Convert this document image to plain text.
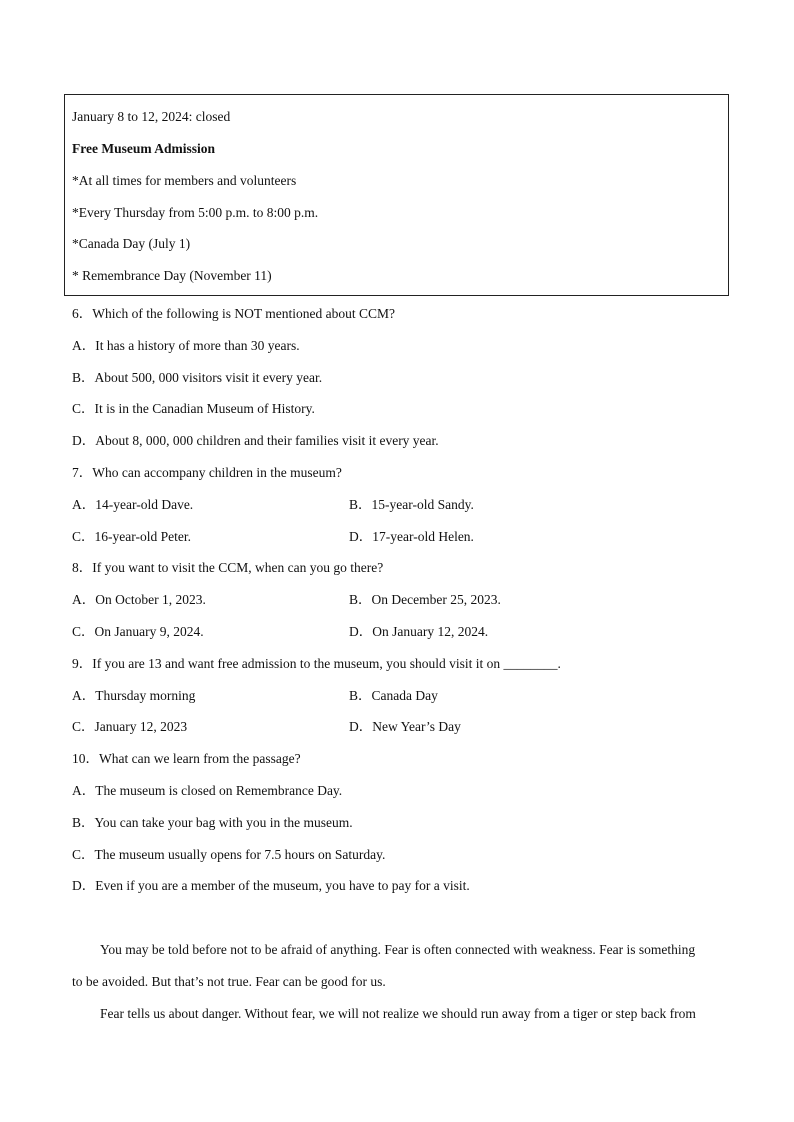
January 8 to 12, 2024: closed
Free Museum Admission
*At all times for members and volunteers
*Every Thursday from 5:00 p.m. to 8:00 p.m.
*Canada Day (July 1)
* Remembrance Day (November 11)
6．Which of the following is NOT mentioned about CCM?
A．It has a history of more than 30 years.
B．About 500, 000 visitors visit it every year.
C．It is in the Canadian Museum of History.
D．About 8, 000, 000 children and their families visit it every year.
7．Who can accompany children in the museum?
A．14-year-old Dave.	B．15-year-old Sandy.
C．16-year-old Peter.	D．17-year-old Helen.
8．If you want to visit the CCM, when can you go there?
A．On October 1, 2023.	B．On December 25, 2023.
C．On January 9, 2024.	D．On January 12, 2024.
9．If you are 13 and want free admission to the museum, you should visit it on ________.
A．Thursday morning	B．Canada Day
C．January 12, 2023	D．New Year’s Day
10．What can we learn from the passage?
A．The museum is closed on Remembrance Day.
B．You can take your bag with you in the museum.
C．The museum usually opens for 7.5 hours on Saturday.
D．Even if you are a member of the museum, you have to pay for a visit.
You may be told before not to be afraid of anything. Fear is often connected with weakness. Fear is something
to be avoided. But that’s not true. Fear can be good for us.
Fear tells us about danger. Without fear, we will not realize we should run away from a tiger or step back from
